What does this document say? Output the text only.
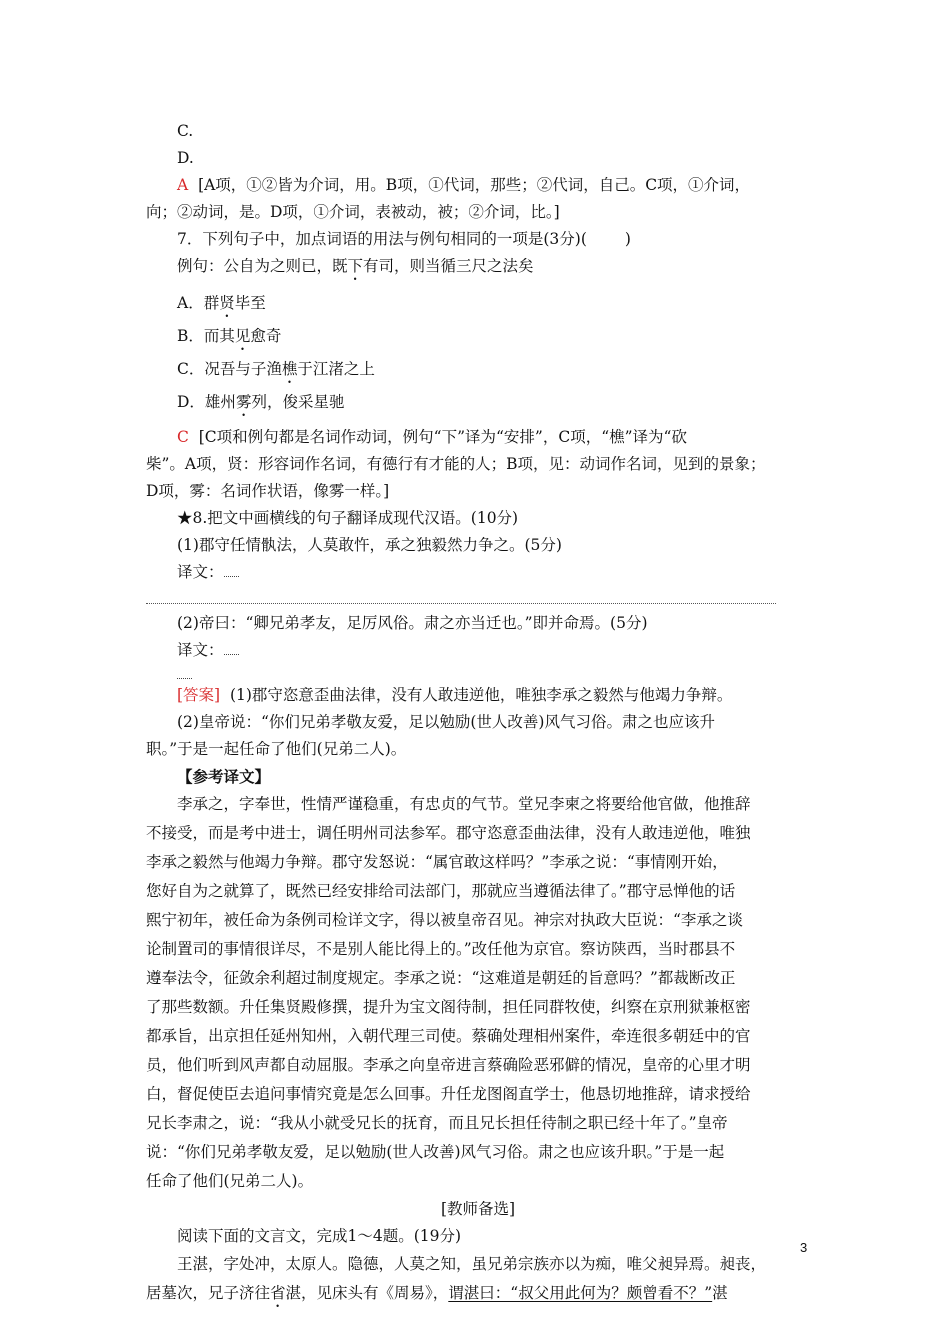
C.
D.
A [A项，①②皆为介词，用。B项，①代词，那些；②代词，自己。C项，①介词，
向；②动词，是。D项，①介词，表被动，被；②介词，比。]
7．下列句子中，加点词语的用法与例句相同的一项是(3分)( )
例句：公自为之则已，既下有司，则当循三尺之法矣
A．群贤毕至
B．而其见愈奇
C．况吾与子渔樵于江渚之上
D．雄州雾列，俊采星驰
C [C项和例句都是名词作动词，例句“下”译为“安排”，C项，“樵”译为“砍
柴”。A项，贤：形容词作名词，有德行有才能的人；B项，见：动词作名词，见到的景象；
D项，雾：名词作状语，像雾一样。]
★8.把文中画横线的句子翻译成现代汉语。(10分)
(1)郡守任情骫法，人莫敢忤，承之独毅然力争之。(5分)
译文：
(2)帝曰：“卿兄弟孝友，足厉风俗。肃之亦当迁也。”即并命焉。(5分)
译文：
[答案] (1)郡守恣意歪曲法律，没有人敢违逆他，唯独李承之毅然与他竭力争辩。
(2)皇帝说：“你们兄弟孝敬友爱，足以勉励(世人改善)风气习俗。肃之也应该升
职。”于是一起任命了他们(兄弟二人)。
【参考译文】
李承之，字奉世，性情严谨稳重，有忠贞的气节。堂兄李柬之将要给他官做，他推辞
不接受，而是考中进士，调任明州司法参军。郡守恣意歪曲法律，没有人敢违逆他，唯独
李承之毅然与他竭力争辩。郡守发怒说：“属官敢这样吗？”李承之说：“事情刚开始，
您好自为之就算了，既然已经安排给司法部门，那就应当遵循法律了。”郡守忌惮他的话
熙宁初年，被任命为条例司检详文字，得以被皇帝召见。神宗对执政大臣说：“李承之谈
论制置司的事情很详尽，不是别人能比得上的。”改任他为京官。察访陕西，当时郡县不
遵奉法令，征敛余利超过制度规定。李承之说：“这难道是朝廷的旨意吗？”都裁断改正
了那些数额。升任集贤殿修撰，提升为宝文阁待制，担任同群牧使，纠察在京刑狱兼枢密
都承旨，出京担任延州知州，入朝代理三司使。蔡确处理相州案件，牵连很多朝廷中的官
员，他们听到风声都自动屈服。李承之向皇帝进言蔡确险恶邪僻的情况，皇帝的心里才明
白，督促使臣去追问事情究竟是怎么回事。升任龙图阁直学士，他恳切地推辞，请求授给
兄长李肃之，说：“我从小就受兄长的抚育，而且兄长担任待制之职已经十年了。”皇帝
说：“你们兄弟孝敬友爱，足以勉励(世人改善)风气习俗。肃之也应该升职。”于是一起
任命了他们(兄弟二人)。
[教师备选]
阅读下面的文言文，完成1～4题。(19分)
王湛，字处冲，太原人。隐德，人莫之知，虽兄弟宗族亦以为痴，唯父昶异焉。昶丧，
居墓次，兄子济往省湛，见床头有《周易》，谓湛曰：“叔父用此何为？颇曾看不？”湛
3
